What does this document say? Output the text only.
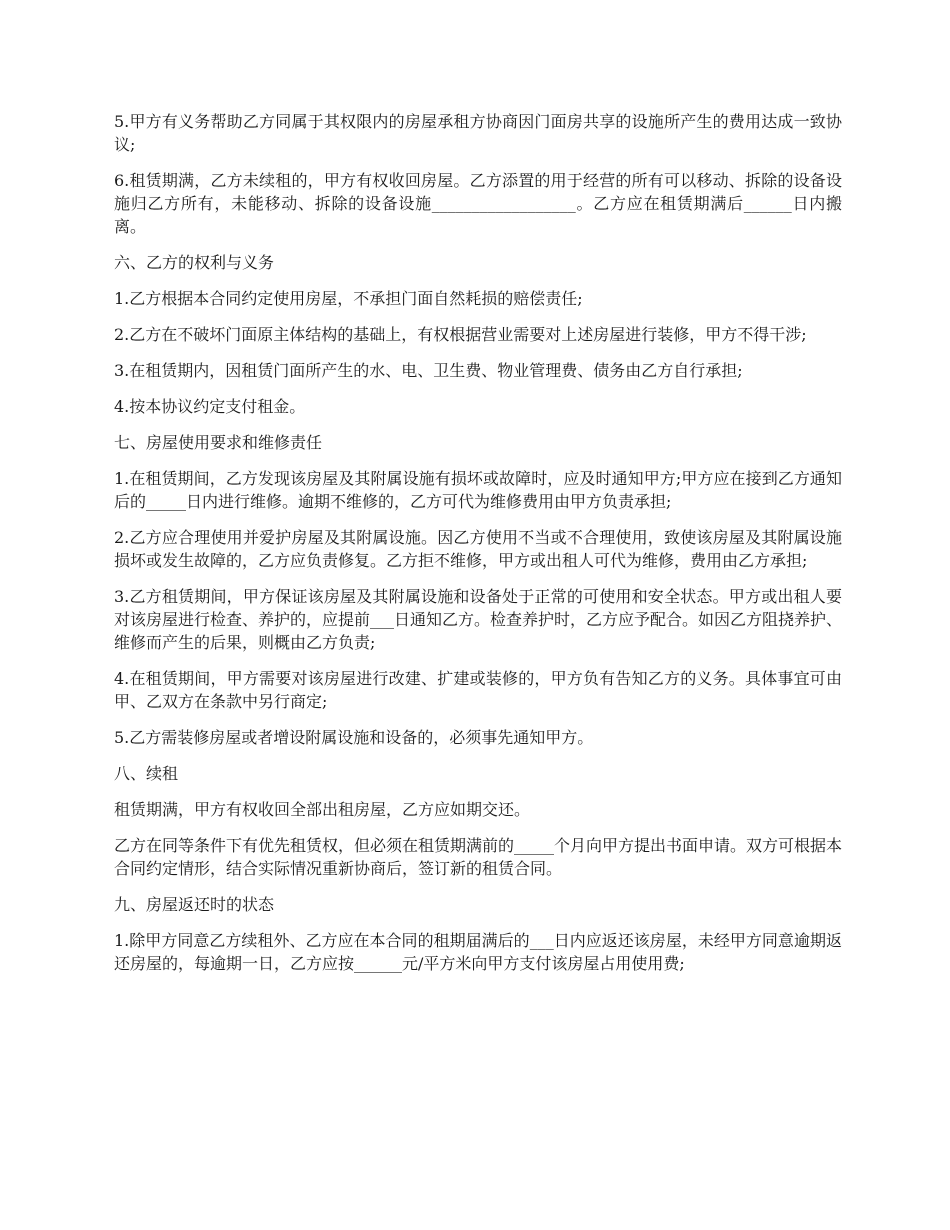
5.甲方有义务帮助乙方同属于其权限内的房屋承租方协商因门面房共享的设施所产生的费用达成一致协议;

6.租赁期满，乙方未续租的，甲方有权收回房屋。乙方添置的用于经营的所有可以移动、拆除的设备设施归乙方所有，未能移动、拆除的设备设施__________________。乙方应在租赁期满后______日内搬离。

六、乙方的权利与义务

1.乙方根据本合同约定使用房屋，不承担门面自然耗损的赔偿责任;

2.乙方在不破坏门面原主体结构的基础上，有权根据营业需要对上述房屋进行装修，甲方不得干涉;

3.在租赁期内，因租赁门面所产生的水、电、卫生费、物业管理费、债务由乙方自行承担;

4.按本协议约定支付租金。

七、房屋使用要求和维修责任

1.在租赁期间，乙方发现该房屋及其附属设施有损坏或故障时，应及时通知甲方;甲方应在接到乙方通知后的_____日内进行维修。逾期不维修的，乙方可代为维修费用由甲方负责承担;

2.乙方应合理使用并爱护房屋及其附属设施。因乙方使用不当或不合理使用，致使该房屋及其附属设施损坏或发生故障的，乙方应负责修复。乙方拒不维修，甲方或出租人可代为维修，费用由乙方承担;

3.乙方租赁期间，甲方保证该房屋及其附属设施和设备处于正常的可使用和安全状态。甲方或出租人要对该房屋进行检查、养护的，应提前___日通知乙方。检查养护时，乙方应予配合。如因乙方阻挠养护、维修而产生的后果，则概由乙方负责;

4.在租赁期间，甲方需要对该房屋进行改建、扩建或装修的，甲方负有告知乙方的义务。具体事宜可由甲、乙双方在条款中另行商定;

5.乙方需装修房屋或者增设附属设施和设备的，必须事先通知甲方。

八、续租

租赁期满，甲方有权收回全部出租房屋，乙方应如期交还。

乙方在同等条件下有优先租赁权，但必须在租赁期满前的_____个月向甲方提出书面申请。双方可根据本合同约定情形，结合实际情况重新协商后，签订新的租赁合同。

九、房屋返还时的状态

1.除甲方同意乙方续租外、乙方应在本合同的租期届满后的___日内应返还该房屋，未经甲方同意逾期返还房屋的，每逾期一日，乙方应按______元/平方米向甲方支付该房屋占用使用费;
